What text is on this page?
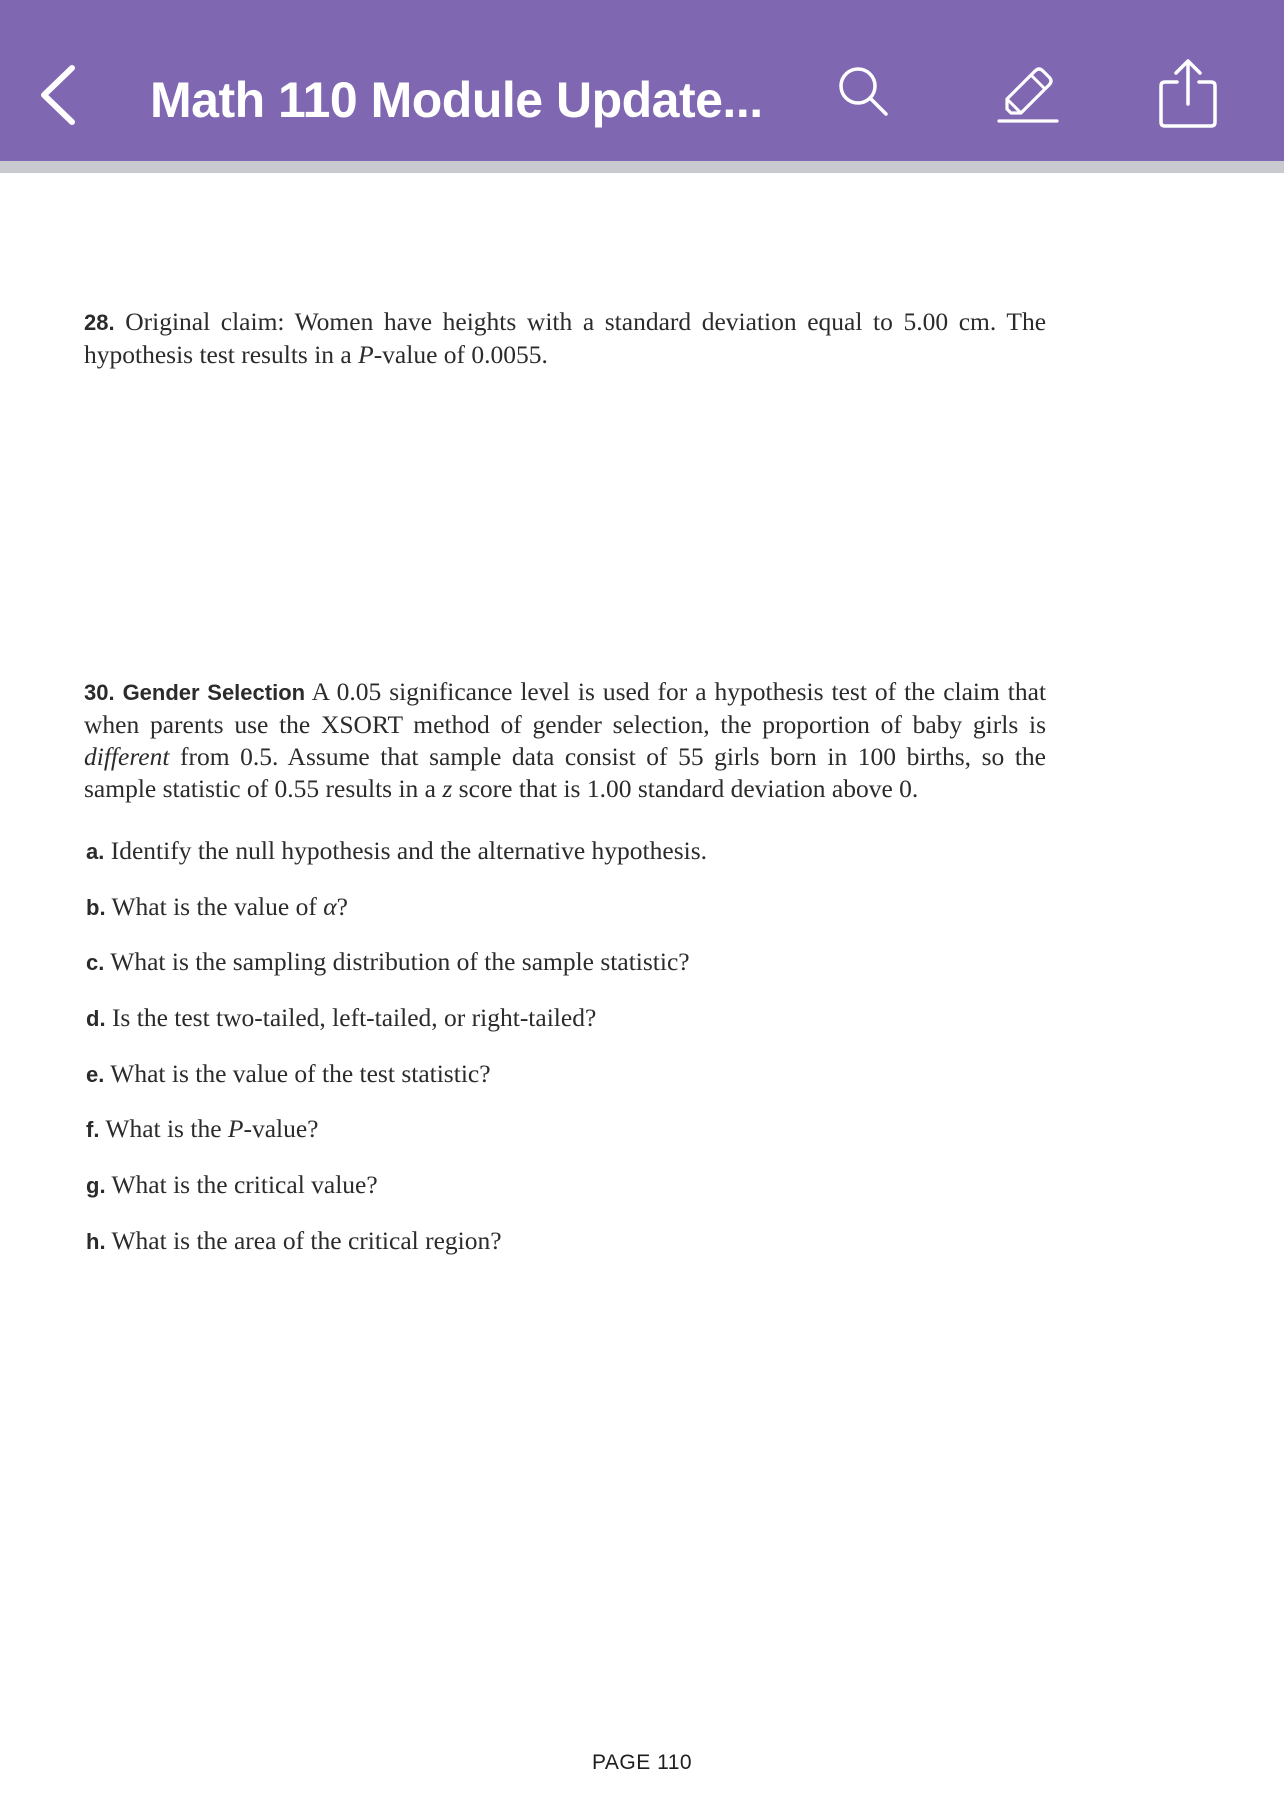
Math 110 Module Update...
28. Original claim: Women have heights with a standard deviation equal to 5.00 cm. The hypothesis test results in a P-value of 0.0055.
30. Gender Selection A 0.05 significance level is used for a hypothesis test of the claim that when parents use the XSORT method of gender selection, the proportion of baby girls is different from 0.5. Assume that sample data consist of 55 girls born in 100 births, so the sample statistic of 0.55 results in a z score that is 1.00 standard deviation above 0.
a. Identify the null hypothesis and the alternative hypothesis.
b. What is the value of α?
c. What is the sampling distribution of the sample statistic?
d. Is the test two-tailed, left-tailed, or right-tailed?
e. What is the value of the test statistic?
f. What is the P-value?
g. What is the critical value?
h. What is the area of the critical region?
PAGE 110
